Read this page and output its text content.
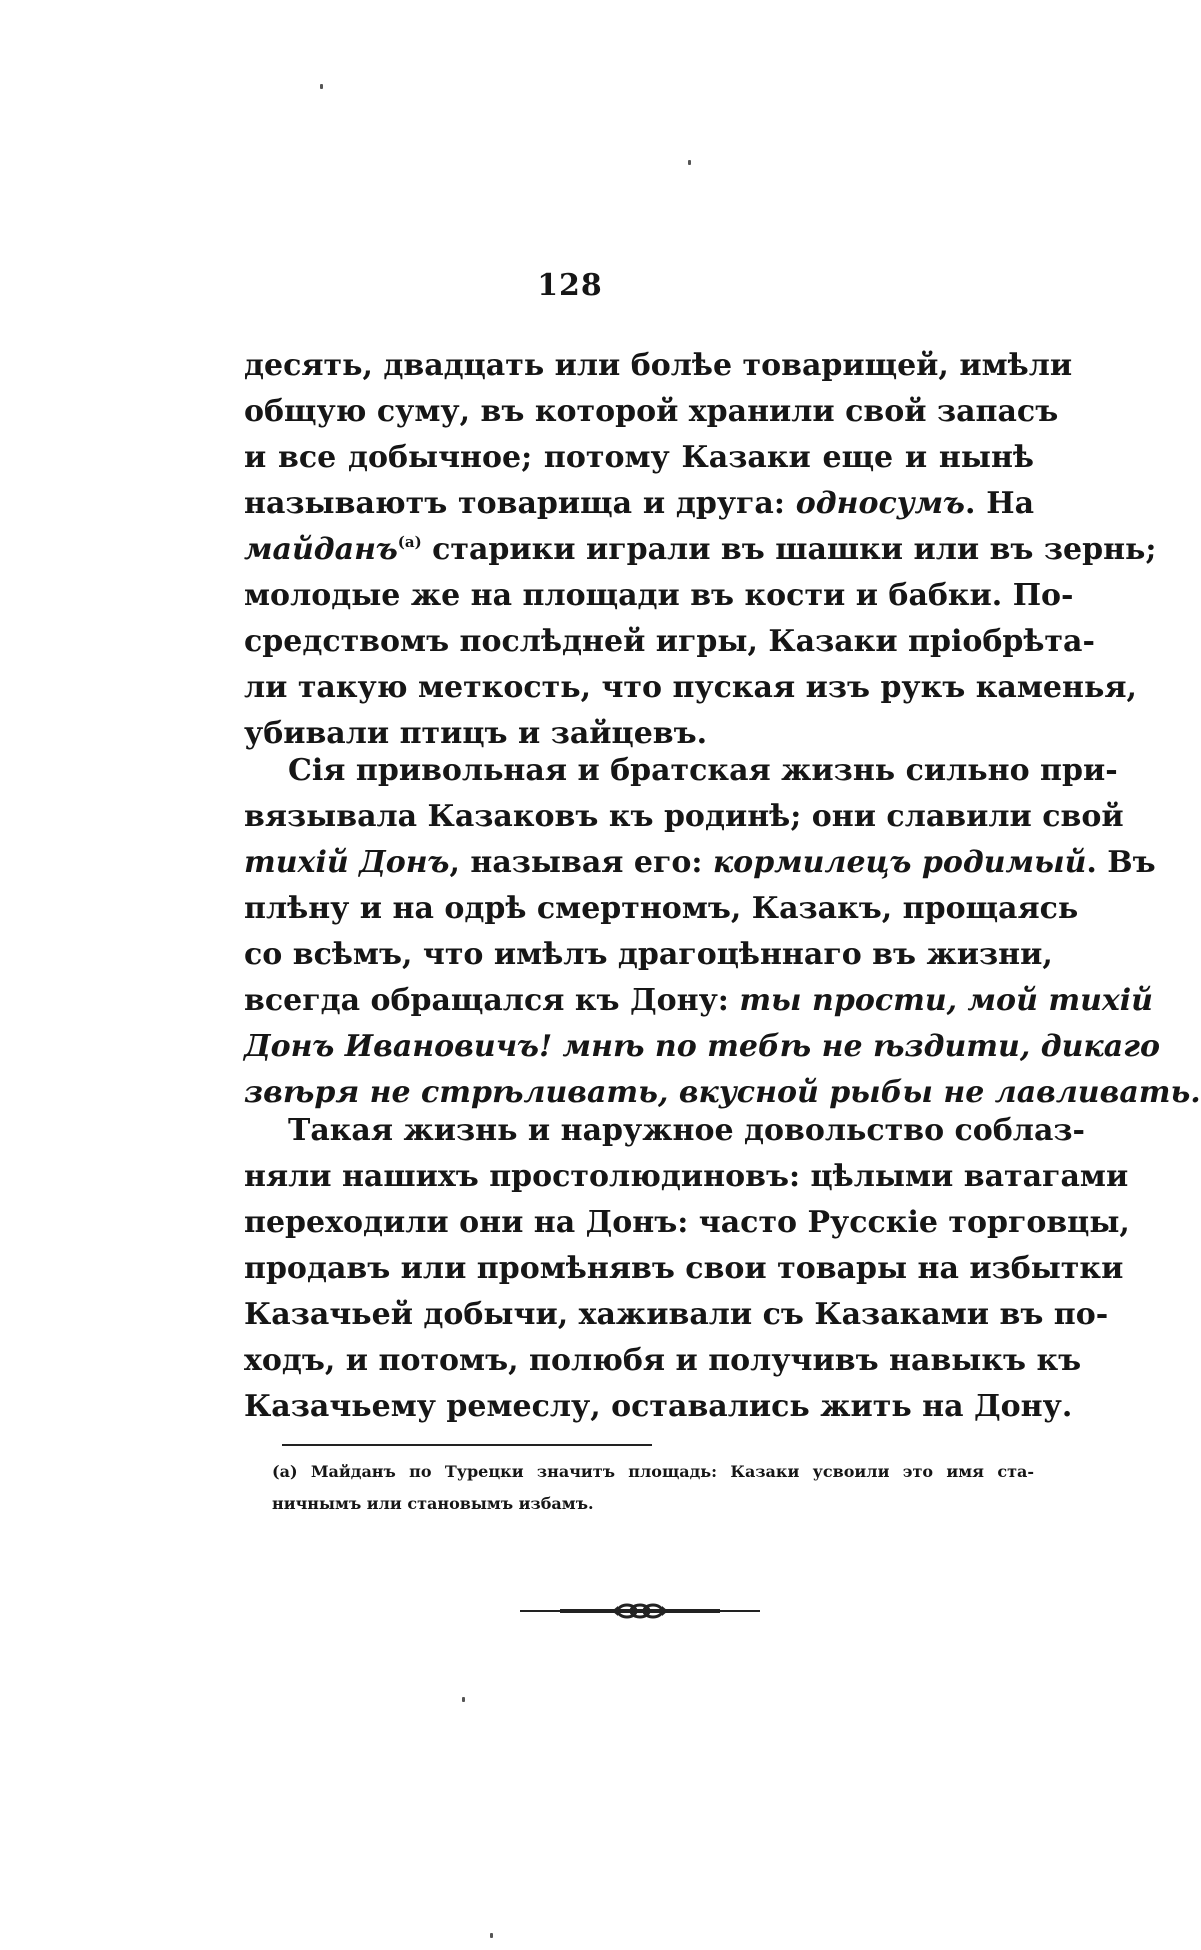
128
десять, двадцать или болѣе товарищей, имѣли
общую суму, въ которой хранили свой запасъ
и все добычное; потому Казаки еще и нынѣ
называютъ товарища и друга: односумъ. На
майданъ$^{(a)}$ старики играли въ шашки или въ зернь;
молодые же на площади въ кости и бабки. По-
средствомъ послѣдней игры, Казаки пріобрѣта-
ли такую меткость, что пуская изъ рукъ каменья,
убивали птицъ и зайцевъ.
Сія привольная и братская жизнь сильно при-
вязывала Казаковъ къ родинѣ; они славили свой
тихій Донъ, называя его: кормилецъ родимый. Въ
плѣну и на одрѣ смертномъ, Казакъ, прощаясь
со всѣмъ, что имѣлъ драгоцѣннаго въ жизни,
всегда обращался къ Дону: ты прости, мой тихій
Донъ Ивановичъ! мнѣ по тебѣ не ѣздити, дикаго
звѣря не стрѣливать, вкусной рыбы не лавливать.
Такая жизнь и наружное довольство соблаз-
няли нашихъ простолюдиновъ: цѣлыми ватагами
переходили они на Донъ: часто Русскіе торговцы,
продавъ или промѣнявъ свои товары на избытки
Казачьей добычи, хаживали съ Казаками въ по-
ходъ, и потомъ, полюбя и получивъ навыкъ къ
Казачьему ремеслу, оставались жить на Дону.
(a) Майданъ по Турецки значитъ площадь: Казаки усвоили это имя ста-
ничнымъ или становымъ избамъ.
